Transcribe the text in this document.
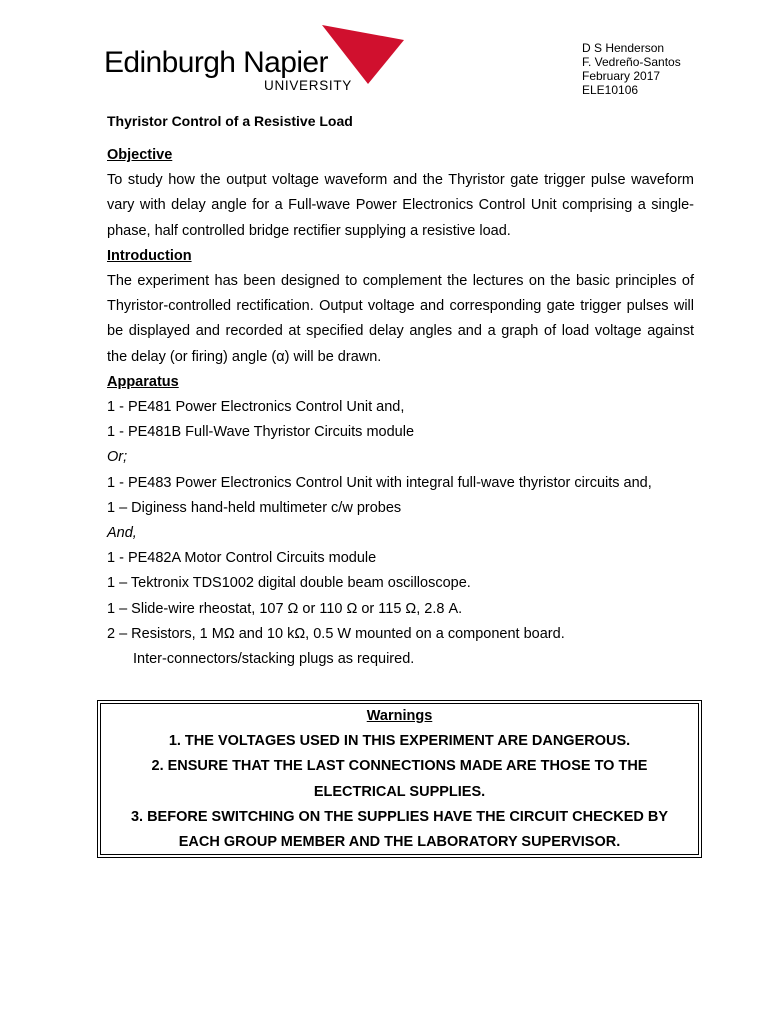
Edinburgh Napier
UNIVERSITY
D S Henderson
F. Vedreño-Santos
February 2017
ELE10106
Thyristor Control of a Resistive Load

Objective

To study how the output voltage waveform and the Thyristor gate trigger pulse waveform vary with delay angle for a Full-wave Power Electronics Control Unit comprising a single-phase, half controlled bridge rectifier supplying a resistive load.

Introduction

The experiment has been designed to complement the lectures on the basic principles of Thyristor-controlled rectification. Output voltage and corresponding gate trigger pulses will be displayed and recorded at specified delay angles and a graph of load voltage against the delay (or firing) angle (α) will be drawn.

Apparatus

1 - PE481 Power Electronics Control Unit and,

1 - PE481B Full-Wave Thyristor Circuits module

Or;

1 - PE483 Power Electronics Control Unit with integral full-wave thyristor circuits and,

1 – Diginess hand-held multimeter c/w probes

And,

1 - PE482A Motor Control Circuits module

1 – Tektronix TDS1002 digital double beam oscilloscope.

1 – Slide-wire rheostat, 107 Ω or 110 Ω or 115 Ω, 2.8 A.

2 – Resistors, 1 MΩ and 10 kΩ, 0.5 W mounted on a component board.

Inter-connectors/stacking plugs as required.

Warnings

1. THE VOLTAGES USED IN THIS EXPERIMENT ARE DANGEROUS.

2. ENSURE THAT THE LAST CONNECTIONS MADE ARE THOSE TO THE

ELECTRICAL SUPPLIES.

3. BEFORE SWITCHING ON THE SUPPLIES HAVE THE CIRCUIT CHECKED BY

EACH GROUP MEMBER AND THE LABORATORY SUPERVISOR.
